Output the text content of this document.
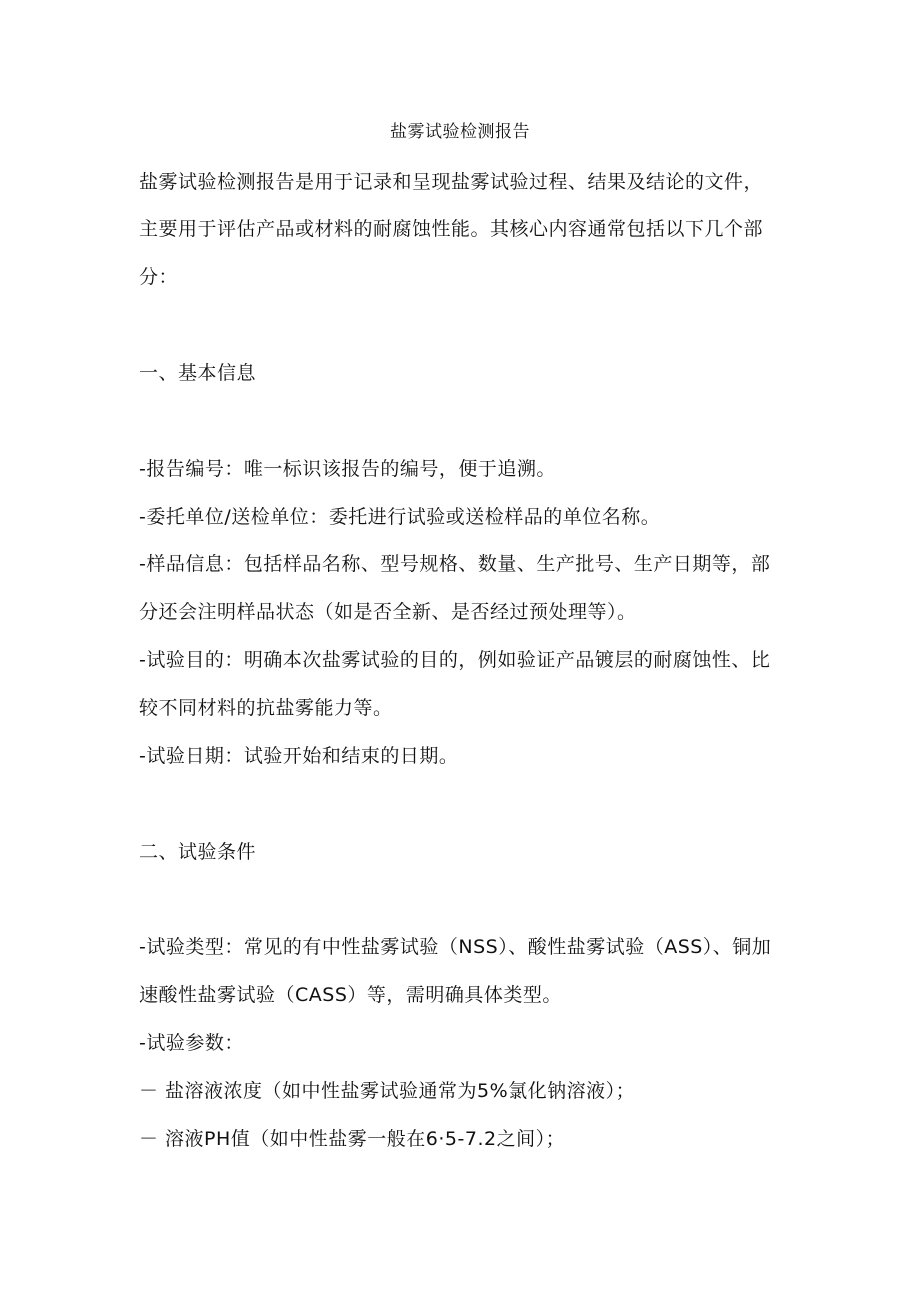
盐雾试验检测报告
盐雾试验检测报告是用于记录和呈现盐雾试验过程、结果及结论的文件，
主要用于评估产品或材料的耐腐蚀性能。其核心内容通常包括以下几个部
分：
一、基本信息
-报告编号：唯一标识该报告的编号，便于追溯。
-委托单位/送检单位：委托进行试验或送检样品的单位名称。
-样品信息：包括样品名称、型号规格、数量、生产批号、生产日期等，部
分还会注明样品状态（如是否全新、是否经过预处理等）。
-试验目的：明确本次盐雾试验的目的，例如验证产品镀层的耐腐蚀性、比
较不同材料的抗盐雾能力等。
-试验日期：试验开始和结束的日期。
二、试验条件
-试验类型：常见的有中性盐雾试验（NSS）、酸性盐雾试验（ASS）、铜加
速酸性盐雾试验（CASS）等，需明确具体类型。
-试验参数：
－ 盐溶液浓度（如中性盐雾试验通常为5%氯化钠溶液）；
－ 溶液PH值（如中性盐雾一般在6·5-7.2之间）；
